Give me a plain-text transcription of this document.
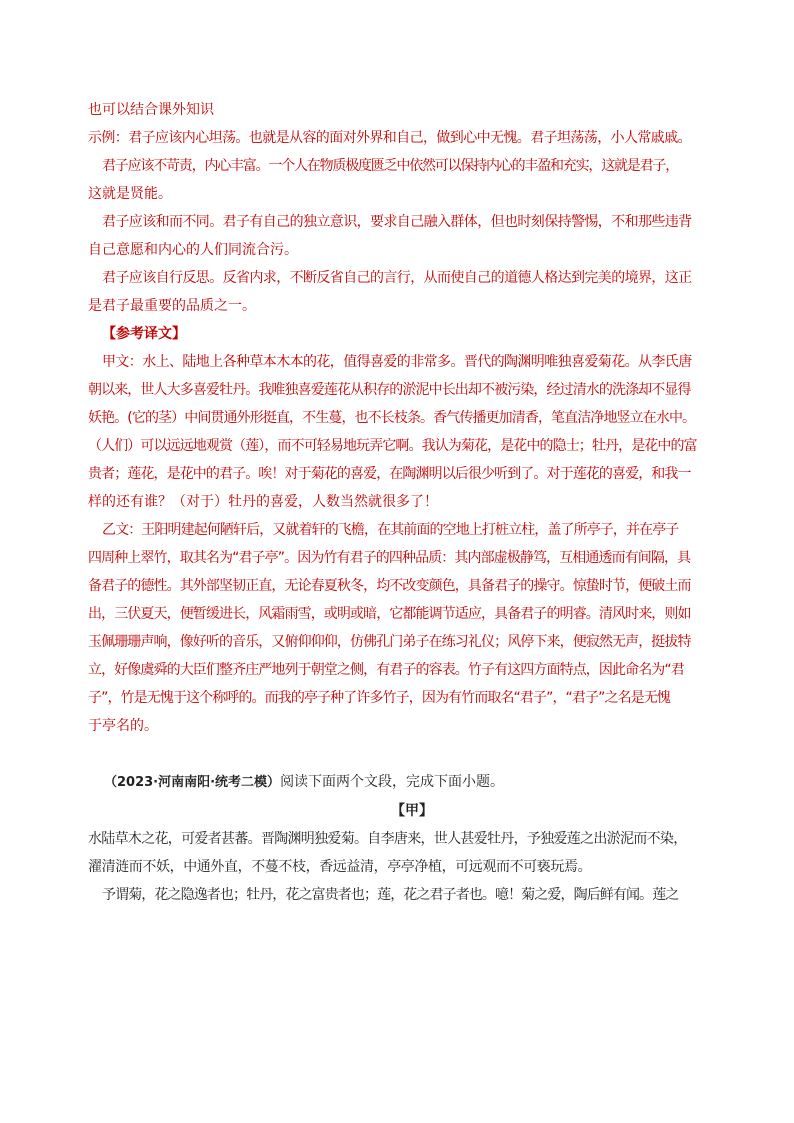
也可以结合课外知识

示例：君子应该内心坦荡。也就是从容的面对外界和自己，做到心中无愧。君子坦荡荡，小人常戚戚。

君子应该不苛责，内心丰富。一个人在物质极度匮乏中依然可以保持内心的丰盈和充实，这就是君子，

这就是贤能。

君子应该和而不同。君子有自己的独立意识，要求自己融入群体，但也时刻保持警惕，不和那些违背

自己意愿和内心的人们同流合污。

君子应该自行反思。反省内求，不断反省自己的言行，从而使自己的道德人格达到完美的境界，这正

是君子最重要的品质之一。

【参考译文】

甲文：水上、陆地上各种草本木本的花，值得喜爱的非常多。晋代的陶渊明唯独喜爱菊花。从李氏唐

朝以来，世人大多喜爱牡丹。我唯独喜爱莲花从积存的淤泥中长出却不被污染，经过清水的洗涤却不显得

妖艳。(它的茎）中间贯通外形挺直，不生蔓，也不长枝条。香气传播更加清香，笔直洁净地竖立在水中。

（人们）可以远远地观赏（莲），而不可轻易地玩弄它啊。我认为菊花，是花中的隐士；牡丹，是花中的富

贵者；莲花，是花中的君子。唉！对于菊花的喜爱，在陶渊明以后很少听到了。对于莲花的喜爱，和我一

样的还有谁？（对于）牡丹的喜爱，人数当然就很多了！

乙文：王阳明建起何陋轩后，又就着轩的飞檐，在其前面的空地上打桩立柱，盖了所亭子，并在亭子

四周种上翠竹，取其名为“君子亭”。因为竹有君子的四种品质：其内部虚极静笃，互相通透而有间隔，具

备君子的德性。其外部坚韧正直，无论春夏秋冬，均不改变颜色，具备君子的操守。惊蛰时节，便破土而

出，三伏夏天，便暂缓进长，风霜雨雪，或明或暗，它都能调节适应，具备君子的明睿。清风时来，则如

玉佩珊珊声响，像好听的音乐，又俯仰仰仰，仿佛孔门弟子在练习礼仪；风停下来，便寂然无声，挺拔特

立，好像虞舜的大臣们整齐庄严地列于朝堂之侧，有君子的容表。竹子有这四方面特点，因此命名为“君

子”，竹是无愧于这个称呼的。而我的亭子种了许多竹子，因为有竹而取名“君子”，“君子”之名是无愧

于亭名的。

（2023·河南南阳·统考二模）阅读下面两个文段，完成下面小题。

【甲】

水陆草木之花，可爱者甚蕃。晋陶渊明独爱菊。自李唐来，世人甚爱牡丹，予独爱莲之出淤泥而不染，

濯清涟而不妖，中通外直，不蔓不枝，香远益清，亭亭净植，可远观而不可亵玩焉。

予谓菊，花之隐逸者也；牡丹，花之富贵者也；莲，花之君子者也。噫！菊之爱，陶后鲜有闻。莲之
